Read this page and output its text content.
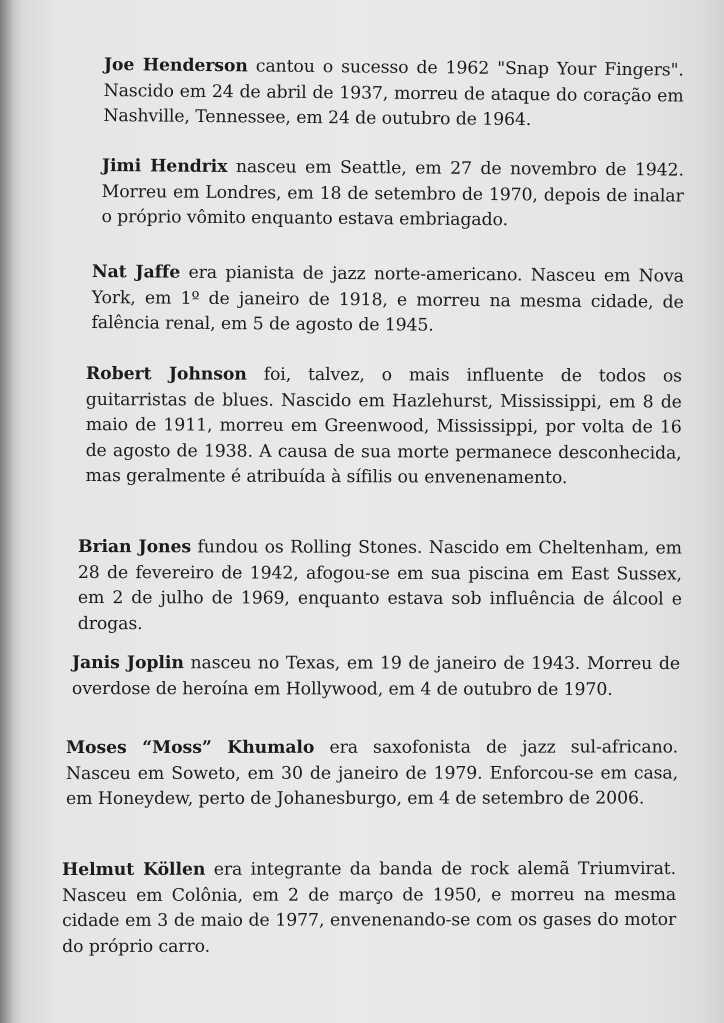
Joe Henderson cantou o sucesso de 1962 "Snap Your Fingers". Nascido em 24 de abril de 1937, morreu de ataque do coração em Nashville, Tennessee, em 24 de outubro de 1964.

Jimi Hendrix nasceu em Seattle, em 27 de novembro de 1942. Morreu em Londres, em 18 de setembro de 1970, depois de inalar o próprio vômito enquanto estava embriagado.

Nat Jaffe era pianista de jazz norte-americano. Nasceu em Nova York, em 1º de janeiro de 1918, e morreu na mesma cidade, de falência renal, em 5 de agosto de 1945.

Robert Johnson foi, talvez, o mais influente de todos os guitarristas de blues. Nascido em Hazlehurst, Mississippi, em 8 de maio de 1911, morreu em Greenwood, Mississippi, por volta de 16 de agosto de 1938. A causa de sua morte permanece desconhecida, mas geralmente é atribuída à sífilis ou envenenamento.

Brian Jones fundou os Rolling Stones. Nascido em Cheltenham, em 28 de fevereiro de 1942, afogou-se em sua piscina em East Sussex, em 2 de julho de 1969, enquanto estava sob influência de álcool e drogas.

Janis Joplin nasceu no Texas, em 19 de janeiro de 1943. Morreu de overdose de heroína em Hollywood, em 4 de outubro de 1970.

Moses “Moss” Khumalo era saxofonista de jazz sul-africano. Nasceu em Soweto, em 30 de janeiro de 1979. Enforcou-se em casa, em Honeydew, perto de Johanesburgo, em 4 de setembro de 2006.

Helmut Köllen era integrante da banda de rock alemã Triumvirat. Nasceu em Colônia, em 2 de março de 1950, e morreu na mesma cidade em 3 de maio de 1977, envenenando-se com os gases do motor do próprio carro.
